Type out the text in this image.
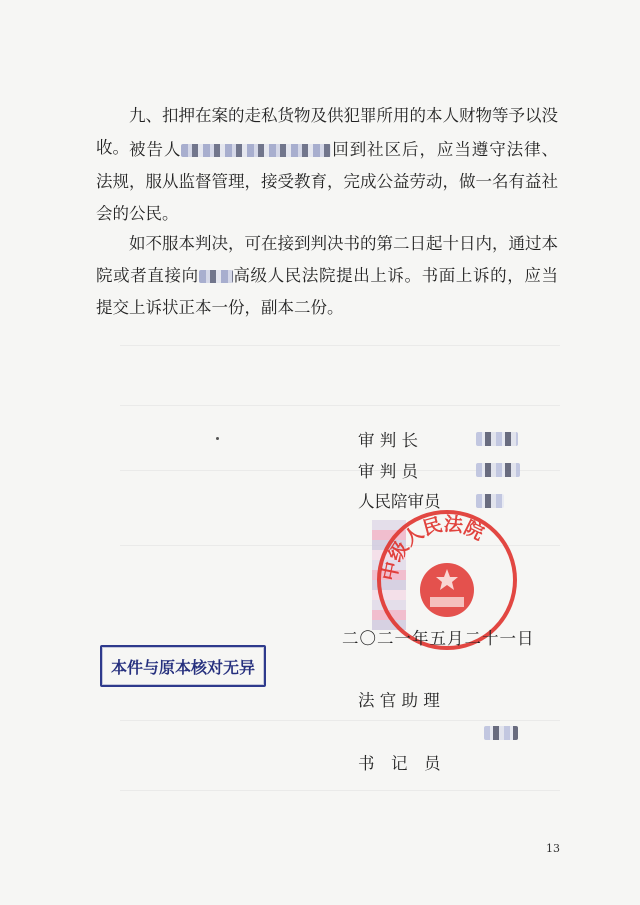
九、扣押在案的走私货物及供犯罪所用的本人财物等予以没收。 被告人	回到社区后，应当遵守法律、法规，服从监督管理，接受教育，完成公益劳动，做一名有益社会的公民。
如不服本判决，可在接到判决书的第二日起十日内，通过本院或者直接向 高级人民法院提出上诉。书面上诉的，应当提交上诉状正本一份，副本二份。
审 判 长
审 判 员
人民陪审员
中级人民法院
二〇二一年五月二十一日
本件与原本核对无异
法 官 助 理
书　记　员
13
